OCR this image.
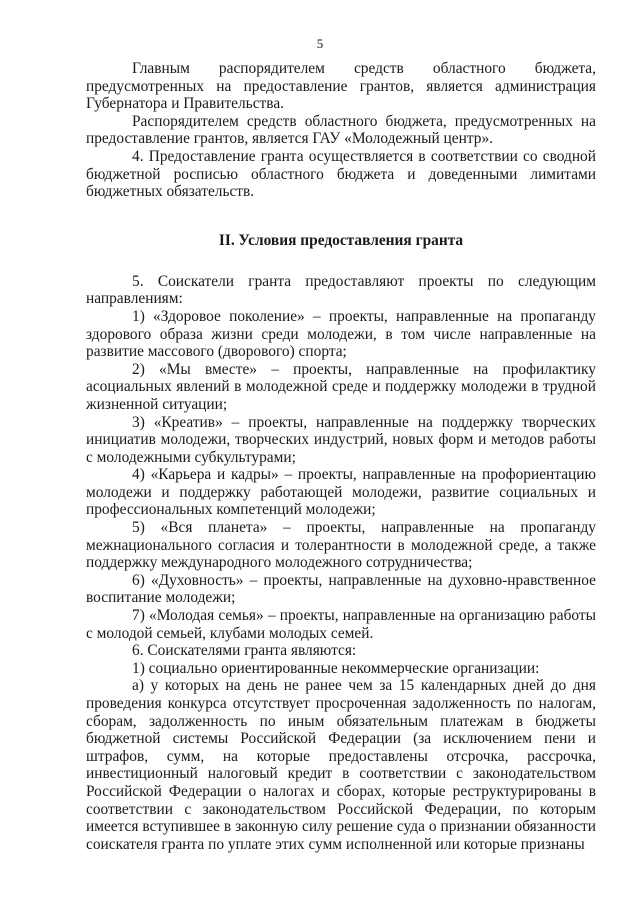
5

Главным распорядителем средств областного бюджета, предусмотренных на предоставление грантов, является администрация Губернатора и Правительства.

Распорядителем средств областного бюджета, предусмотренных на предоставление грантов, является ГАУ «Молодежный центр».

4. Предоставление гранта осуществляется в соответствии со сводной бюджетной росписью областного бюджета и доведенными лимитами бюджетных обязательств.

II. Условия предоставления гранта

5. Соискатели гранта предоставляют проекты по следующим направлениям:

1) «Здоровое поколение» – проекты, направленные на пропаганду здорового образа жизни среди молодежи, в том числе направленные на развитие массового (дворового) спорта;

2) «Мы вместе» – проекты, направленные на профилактику асоциальных явлений в молодежной среде и поддержку молодежи в трудной жизненной ситуации;

3) «Креатив» – проекты, направленные на поддержку творческих инициатив молодежи, творческих индустрий, новых форм и методов работы с молодежными субкультурами;

4) «Карьера и кадры» – проекты, направленные на профориентацию молодежи и поддержку работающей молодежи, развитие социальных и профессиональных компетенций молодежи;

5) «Вся планета» – проекты, направленные на пропаганду межнационального согласия и толерантности в молодежной среде, а также поддержку международного молодежного сотрудничества;

6) «Духовность» – проекты, направленные на духовно-нравственное воспитание молодежи;

7) «Молодая семья» – проекты, направленные на организацию работы с молодой семьей, клубами молодых семей.

6. Соискателями гранта являются:

1) социально ориентированные некоммерческие организации:

а) у которых на день не ранее чем за 15 календарных дней до дня проведения конкурса отсутствует просроченная задолженность по налогам, сборам, задолженность по иным обязательным платежам в бюджеты бюджетной системы Российской Федерации (за исключением пени и штрафов, сумм, на которые предоставлены отсрочка, рассрочка, инвестиционный налоговый кредит в соответствии с законодательством Российской Федерации о налогах и сборах, которые реструктурированы в соответствии с законодательством Российской Федерации, по которым имеется вступившее в законную силу решение суда о признании обязанности соискателя гранта по уплате этих сумм исполненной или которые признаны
